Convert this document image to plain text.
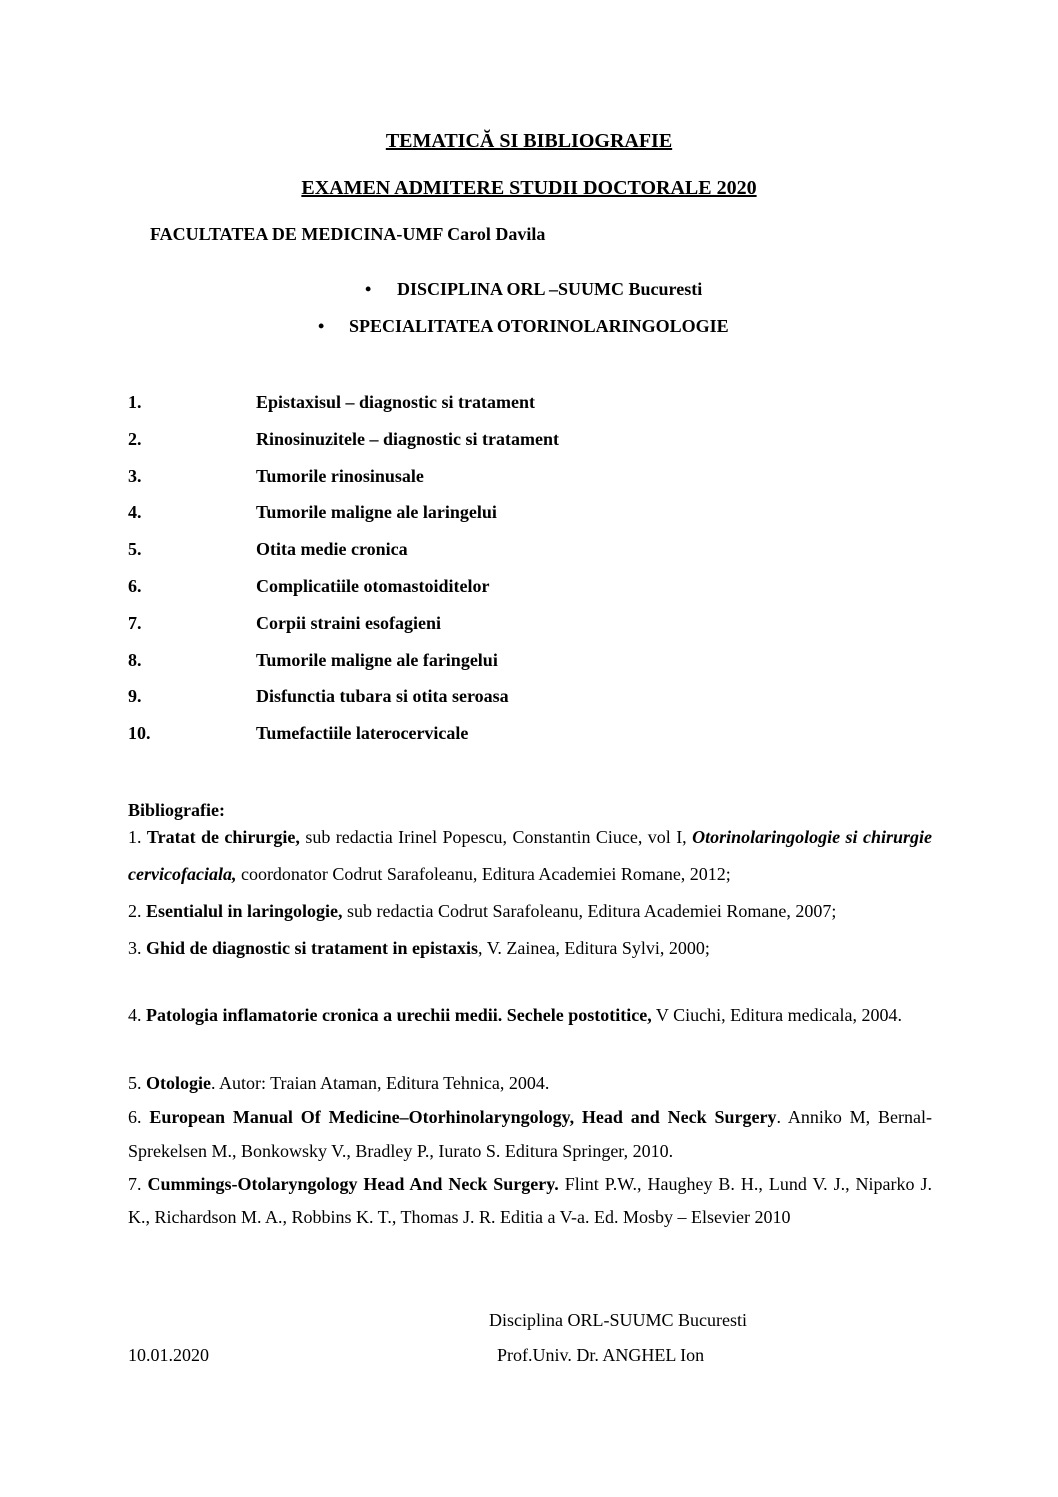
TEMATICĂ SI BIBLIOGRAFIE
EXAMEN ADMITERE STUDII DOCTORALE 2020
FACULTATEA DE MEDICINA-UMF Carol Davila
• DISCIPLINA ORL –SUUMC Bucuresti
• SPECIALITATEA OTORINOLARINGOLOGIE
1.	Epistaxisul – diagnostic si tratament
2.	Rinosinuzitele – diagnostic si tratament
3.	Tumorile rinosinusale
4.	Tumorile maligne ale laringelui
5.	Otita medie cronica
6.	Complicatiile otomastoiditelor
7.	Corpii straini esofagieni
8.	Tumorile maligne ale faringelui
9.	Disfunctia tubara si otita seroasa
10.	Tumefactiile laterocervicale
Bibliografie:
1. Tratat de chirurgie, sub redactia Irinel Popescu, Constantin Ciuce, vol I, Otorinolaringologie si chirurgie cervicofaciala, coordonator Codrut Sarafoleanu, Editura Academiei Romane, 2012;
2. Esentialul in laringologie, sub redactia Codrut Sarafoleanu, Editura Academiei Romane, 2007;
3. Ghid de diagnostic si tratament in epistaxis, V. Zainea, Editura Sylvi, 2000;
4. Patologia inflamatorie cronica a urechii medii. Sechele postotitice, V Ciuchi, Editura medicala, 2004.
5. Otologie. Autor: Traian Ataman, Editura Tehnica, 2004.
6. European Manual Of Medicine–Otorhinolaryngology, Head and Neck Surgery. Anniko M, Bernal-Sprekelsen M., Bonkowsky V., Bradley P., Iurato S. Editura Springer, 2010.
7. Cummings-Otolaryngology Head And Neck Surgery. Flint P.W., Haughey B. H., Lund V. J., Niparko J. K., Richardson M. A., Robbins K. T., Thomas J. R. Editia a V-a. Ed. Mosby – Elsevier 2010
Disciplina ORL-SUUMC Bucuresti
10.01.2020	Prof.Univ. Dr. ANGHEL Ion
